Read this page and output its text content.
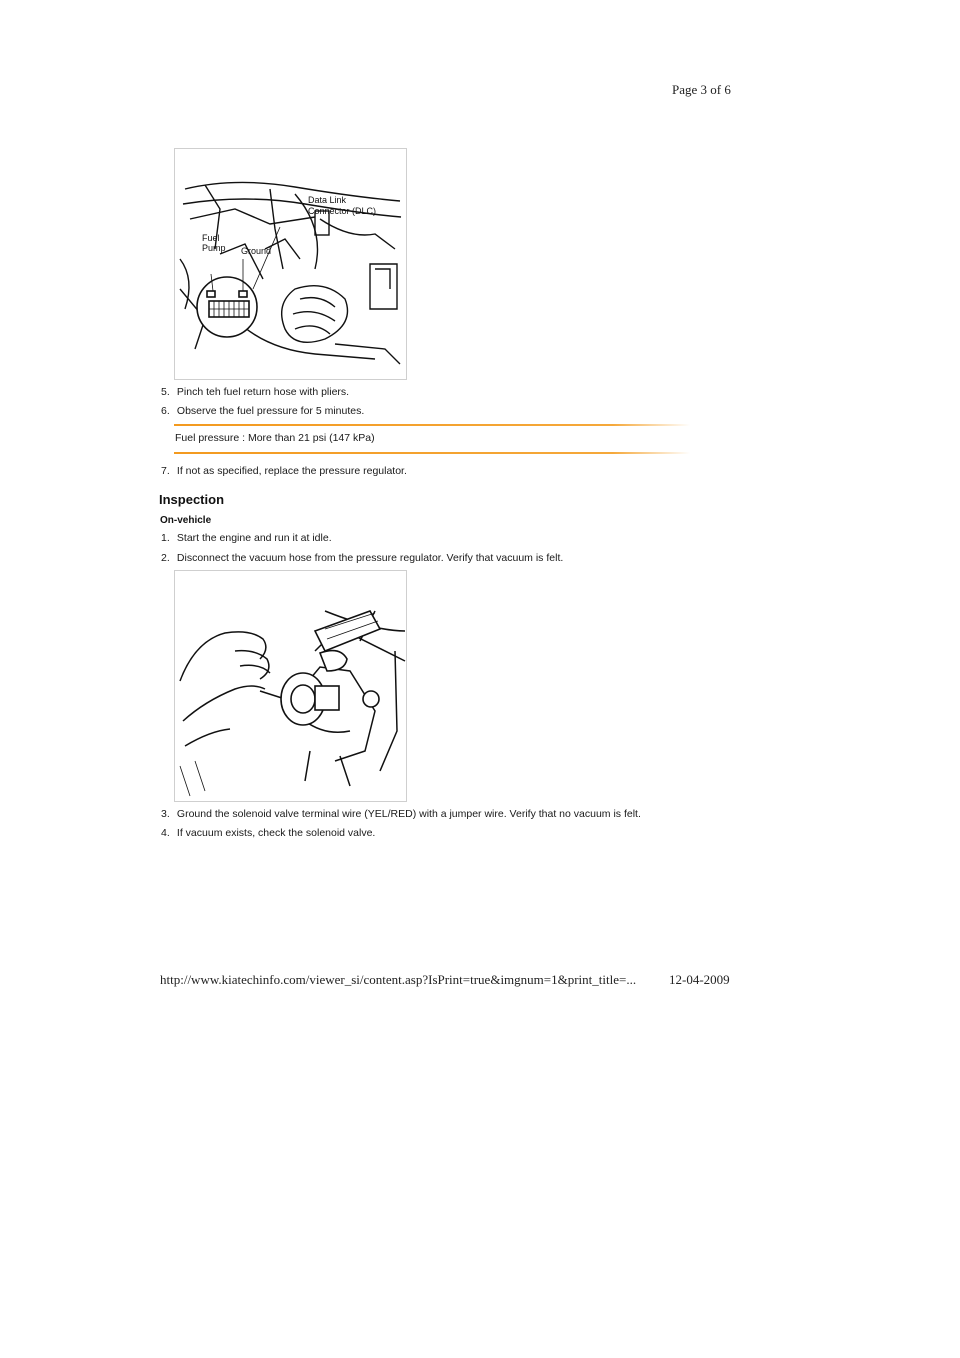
Page 3 of 6
Data Link
Connector (DLC)
Fuel
Pump Ground
5. Pinch teh fuel return hose with pliers.
6. Observe the fuel pressure for 5 minutes.
Fuel pressure : More than 21 psi (147 kPa)
7. If not as specified, replace the pressure regulator.
Inspection
On-vehicle
1. Start the engine and run it at idle.
2. Disconnect the vacuum hose from the pressure regulator. Verify that vacuum is felt.
3. Ground the solenoid valve terminal wire (YEL/RED) with a jumper wire. Verify that no vacuum is felt.
4. If vacuum exists, check the solenoid valve.
http://www.kiatechinfo.com/viewer_si/content.asp?IsPrint=true&imgnum=1&print_title=...	12-04-2009
